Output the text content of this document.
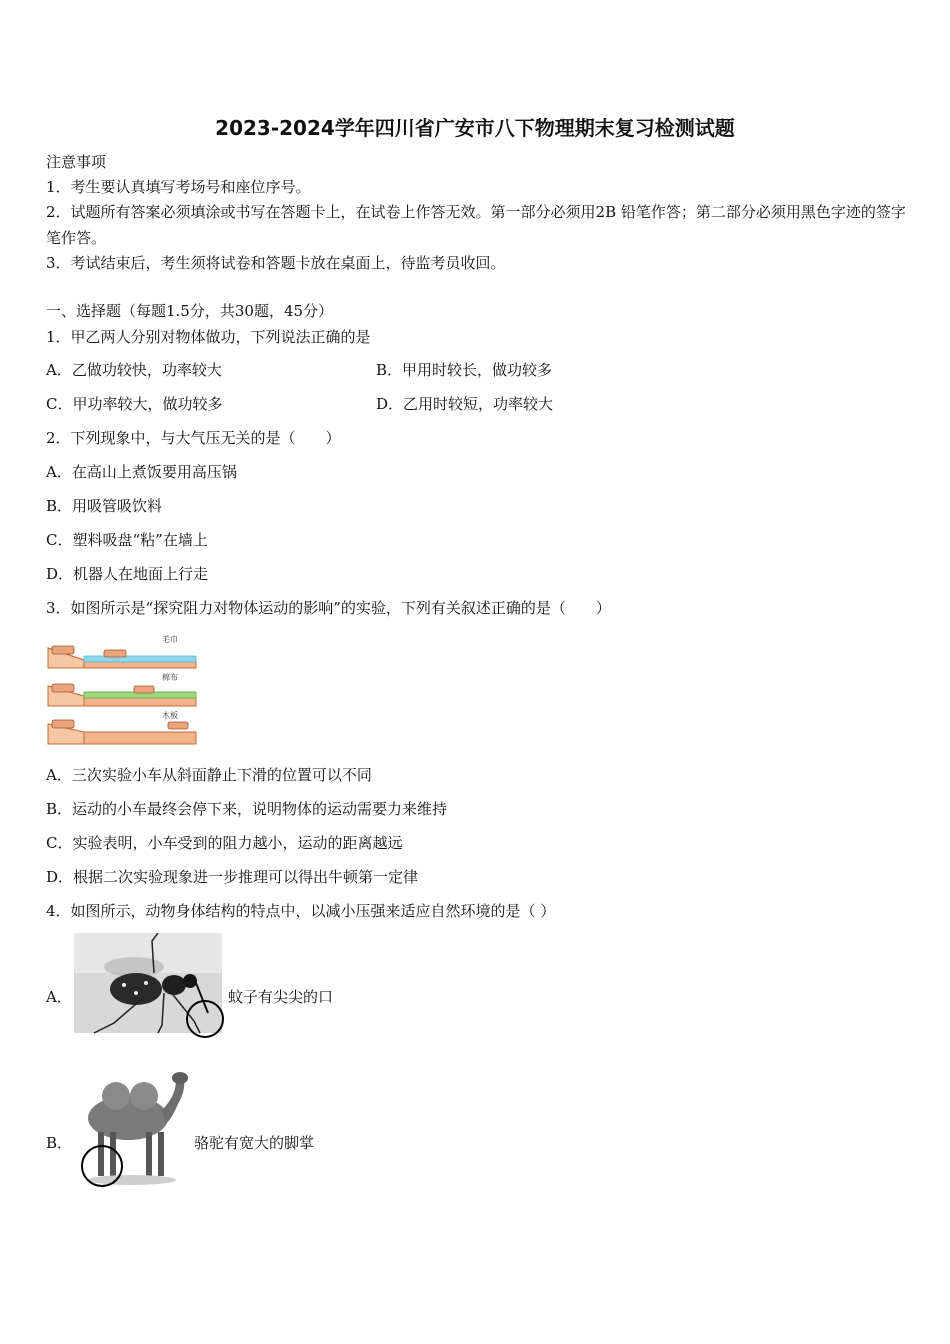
2023-2024学年四川省广安市八下物理期末复习检测试题
注意事项
1．考生要认真填写考场号和座位序号。
2．试题所有答案必须填涂或书写在答题卡上，在试卷上作答无效。第一部分必须用2B 铅笔作答；第二部分必须用黑色字迹的签字笔作答。
3．考试结束后，考生须将试卷和答题卡放在桌面上，待监考员收回。
一、选择题（每题1.5分，共30题，45分）
1．甲乙两人分别对物体做功，下列说法正确的是
A．乙做功较快，功率较大	B．甲用时较长，做功较多
C．甲功率较大，做功较多	D．乙用时较短，功率较大
2．下列现象中，与大气压无关的是（　　）
A．在高山上煮饭要用高压锅
B．用吸管吸饮料
C．塑料吸盘“粘”在墙上
D．机器人在地面上行走
3．如图所示是“探究阻力对物体运动的影响”的实验，下列有关叙述正确的是（　　）
毛巾
棉布
木板
A．三次实验小车从斜面静止下滑的位置可以不同
B．运动的小车最终会停下来，说明物体的运动需要力来维持
C．实验表明，小车受到的阻力越小，运动的距离越远
D．根据二次实验现象进一步推理可以得出牛顿第一定律
4．如图所示，动物身体结构的特点中，以减小压强来适应自然环境的是（ ）
A．	蚊子有尖尖的口
B．	骆驼有宽大的脚掌
